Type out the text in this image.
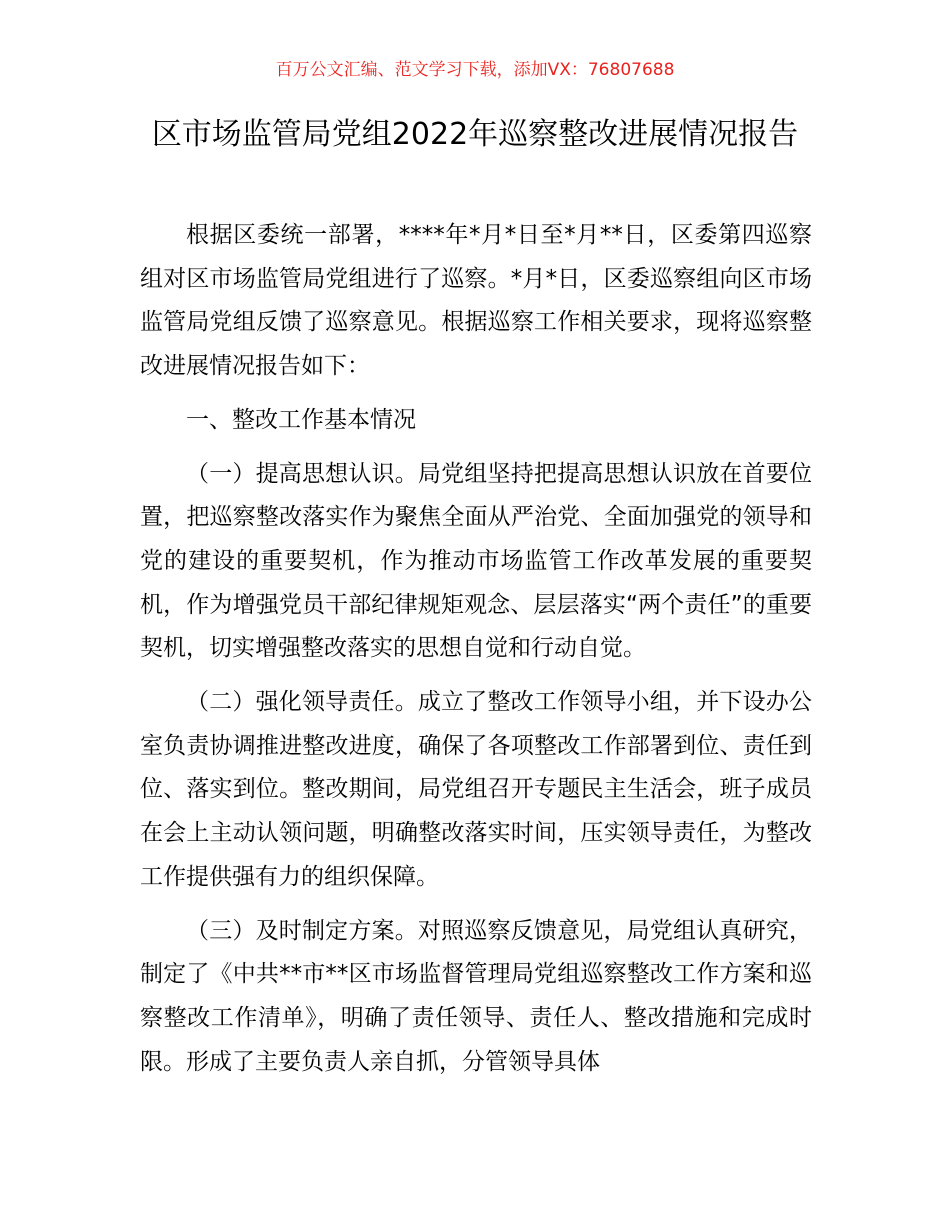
百万公文汇编、范文学习下载，添加VX：76807688
区市场监管局党组2022年巡察整改进展情况报告

根据区委统一部署，****年*月*日至*月**日，区委第四巡察组对区市场监管局党组进行了巡察。*月*日，区委巡察组向区市场监管局党组反馈了巡察意见。根据巡察工作相关要求，现将巡察整改进展情况报告如下：

一、整改工作基本情况

（一）提高思想认识。局党组坚持把提高思想认识放在首要位置，把巡察整改落实作为聚焦全面从严治党、全面加强党的领导和党的建设的重要契机，作为推动市场监管工作改革发展的重要契机，作为增强党员干部纪律规矩观念、层层落实“两个责任”的重要契机，切实增强整改落实的思想自觉和行动自觉。

（二）强化领导责任。成立了整改工作领导小组，并下设办公室负责协调推进整改进度，确保了各项整改工作部署到位、责任到位、落实到位。整改期间，局党组召开专题民主生活会，班子成员在会上主动认领问题，明确整改落实时间，压实领导责任，为整改工作提供强有力的组织保障。

（三）及时制定方案。对照巡察反馈意见，局党组认真研究，制定了《中共**市**区市场监督管理局党组巡察整改工作方案和巡察整改工作清单》，明确了责任领导、责任人、整改措施和完成时限。形成了主要负责人亲自抓，分管领导具体
